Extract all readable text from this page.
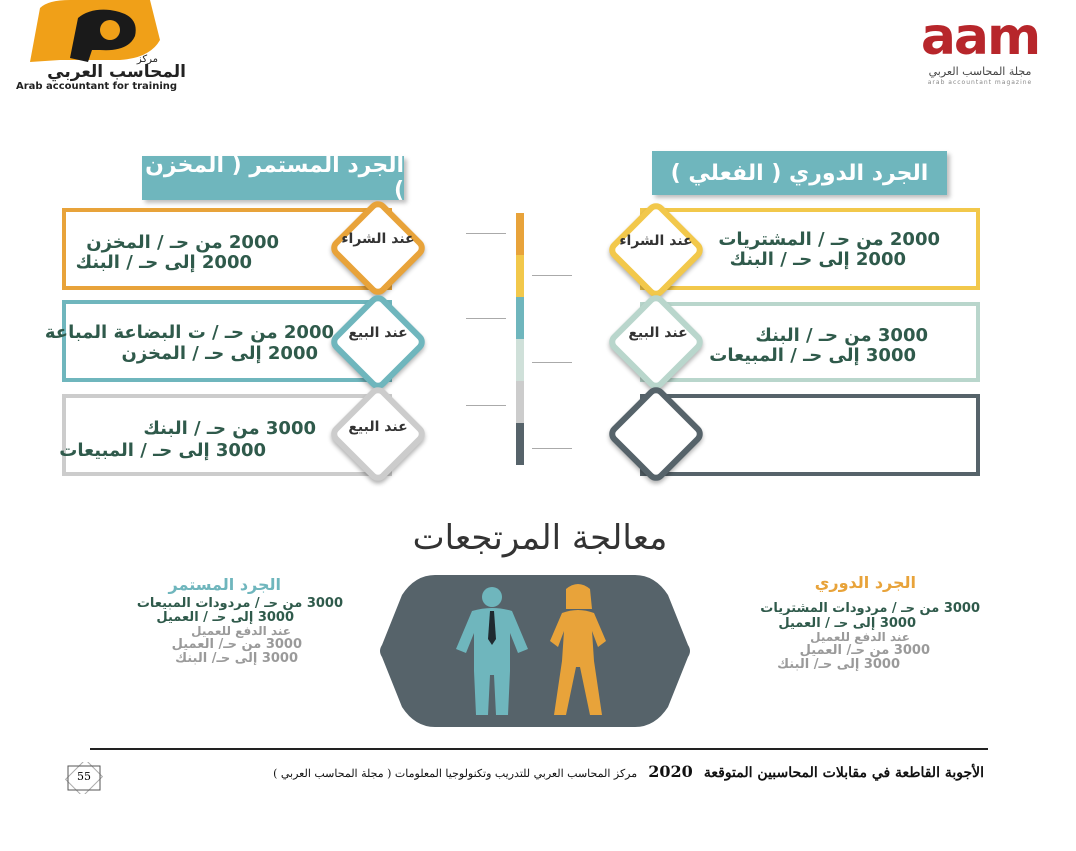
مركز
المحاسب العربي
Arab accountant for training
aam
مجلة المحاسب العربي
arab accountant magazine
الجرد الدوري ( الفعلي )
الجرد المستمر ( المخزن )
عند الشراء 2000 من حـ / المشتريات
2000 إلى حـ / البنك
عند البيع	3000 من حـ / البنك
3000 إلى حـ / المبيعات
عند الشراء
2000 من حـ / المخزن
2000 إلى حـ / البنك
عند البيع
2000 من حـ / ت البضاعة المباعة
2000 إلى حـ / المخزن
عند البيع
3000 من حـ / البنك
3000 إلى حـ / المبيعات
معالجة المرتجعات
الجرد الدوري
3000 من حـ / مردودات المشتريات
3000 إلى حـ / العميل
عند الدفع للعميل
3000 من حـ/ العميل
3000 إلى حـ/ البنك
الجرد المستمر
3000 من حـ / مردودات المبيعات
3000 إلى حـ / العميل
عند الدفع للعميل
3000 من حـ/ العميل
3000 إلى حـ/ البنك
55	الأجوبة القاطعة في مقابلات المحاسبين المتوقعة 2020 مركز المحاسب العربي للتدريب وتكنولوجيا المعلومات ( مجلة المحاسب العربي )
